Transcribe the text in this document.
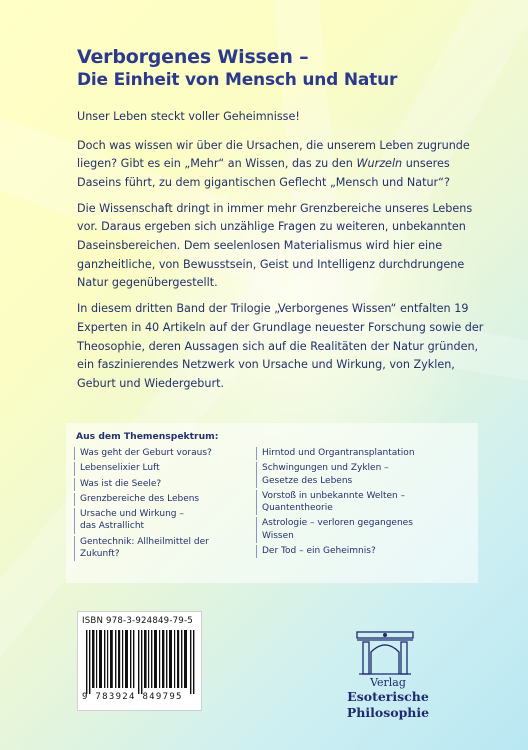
Verborgenes Wissen –
Die Einheit von Mensch und Natur

Unser Leben steckt voller Geheimnisse!

Doch was wissen wir über die Ursachen, die unserem Leben zugrunde liegen? Gibt es ein „Mehr“ an Wissen, das zu den Wurzeln unseres Daseins führt, zu dem gigantischen Geflecht „Mensch und Natur“?

Die Wissenschaft dringt in immer mehr Grenzbereiche unseres Lebens vor. Daraus ergeben sich unzählige Fragen zu weiteren, unbekannten Daseinsbereichen. Dem seelenlosen Materialismus wird hier eine ganzheitliche, von Bewusstsein, Geist und Intelligenz durchdrungene Natur gegenübergestellt.

In diesem dritten Band der Trilogie „Verborgenes Wissen“ entfalten 19 Experten in 40 Artikeln auf der Grundlage neuester Forschung sowie der Theosophie, deren Aussagen sich auf die Realitäten der Natur gründen, ein faszinierendes Netzwerk von Ursache und Wirkung, von Zyklen, Geburt und Wiedergeburt.

Aus dem Themenspektrum:
Was geht der Geburt voraus?
Lebenselixier Luft
Was ist die Seele?
Grenzbereiche des Lebens
Ursache und Wirkung –
das Astrallicht
Gentechnik: Allheilmittel der
Zukunft?
Hirntod und Organtransplantation
Schwingungen und Zyklen –
Gesetze des Lebens
Vorstoß in unbekannte Welten –
Quantentheorie
Astrologie – verloren gegangenes
Wissen
Der Tod – ein Geheimnis?
ISBN 978-3-924849-79-5
9 783924 849795
Verlag
Esoterische Philosophie
